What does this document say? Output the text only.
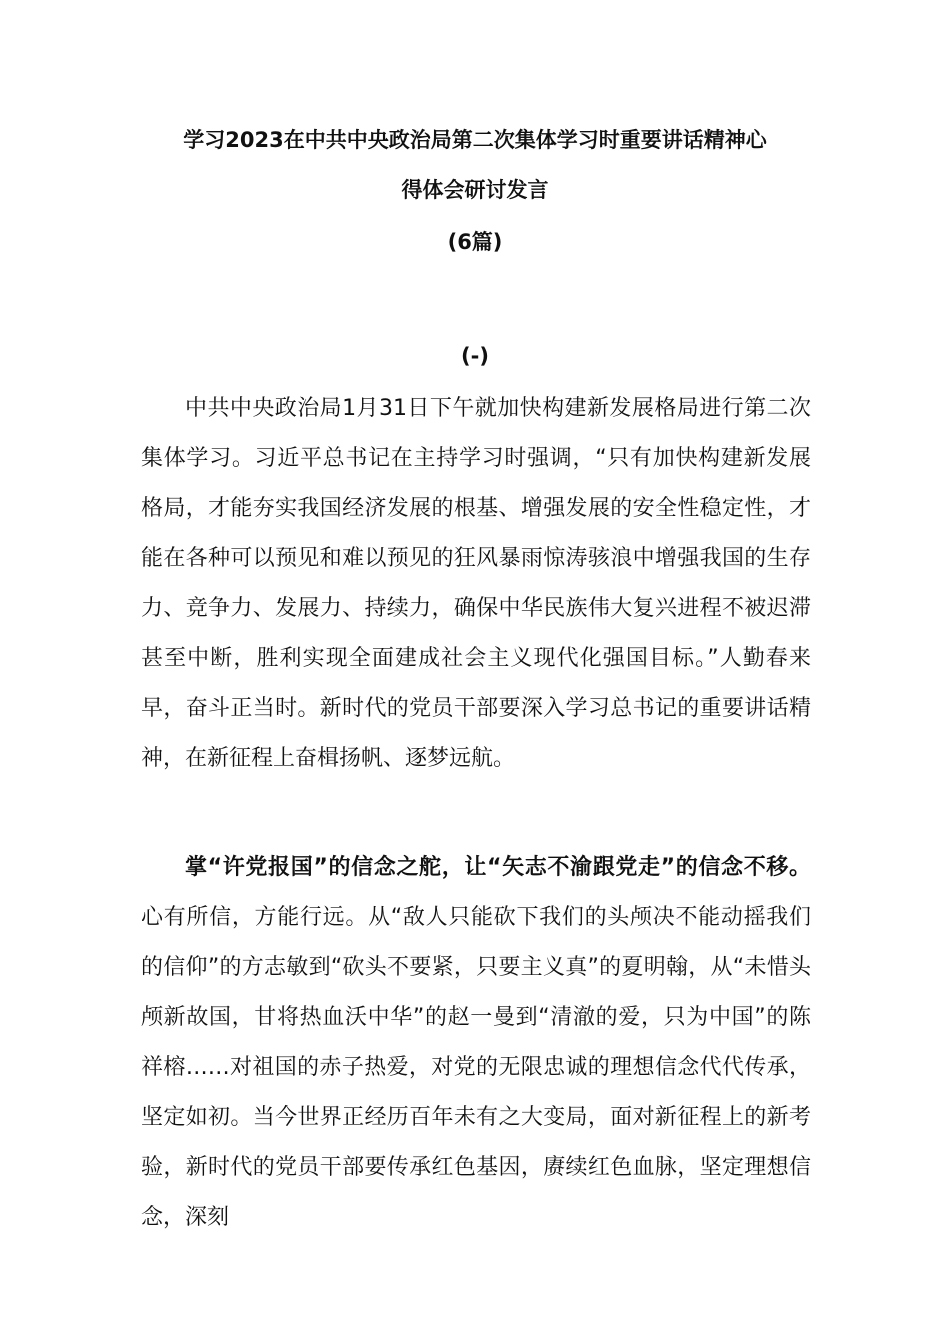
学习2023在中共中央政治局第二次集体学习时重要讲话精神心
得体会研讨发言
(6篇)
(-)

中共中央政治局1月31日下午就加快构建新发展格局进行第二次集体学习。习近平总书记在主持学习时强调，“只有加快构建新发展格局，才能夯实我国经济发展的根基、增强发展的安全性稳定性，才能在各种可以预见和难以预见的狂风暴雨惊涛骇浪中增强我国的生存力、竞争力、发展力、持续力，确保中华民族伟大复兴进程不被迟滞甚至中断，胜利实现全面建成社会主义现代化强国目标。”人勤春来早，奋斗正当时。新时代的党员干部要深入学习总书记的重要讲话精神，在新征程上奋楫扬帆、逐梦远航。

掌“许党报国”的信念之舵，让“矢志不渝跟党走”的信念不移。心有所信，方能行远。从“敌人只能砍下我们的头颅决不能动摇我们的信仰”的方志敏到“砍头不要紧，只要主义真”的夏明翰，从“未惜头颅新故国，甘将热血沃中华”的赵一曼到“清澈的爱，只为中国”的陈祥榕……对祖国的赤子热爱，对党的无限忠诚的理想信念代代传承，坚定如初。当今世界正经历百年未有之大变局，面对新征程上的新考验，新时代的党员干部要传承红色基因，赓续红色血脉，坚定理想信念，深刻
